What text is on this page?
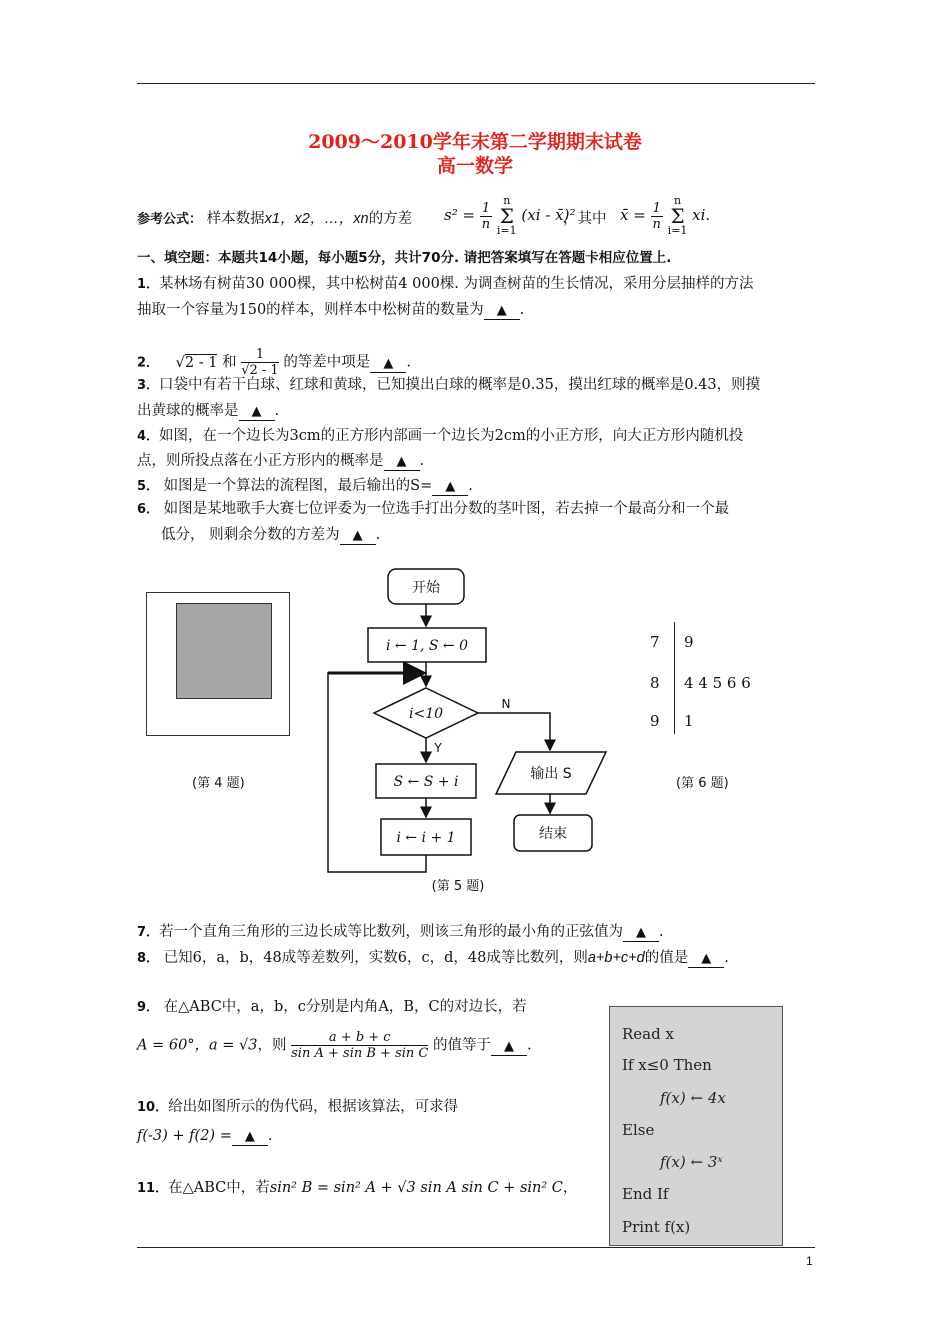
2009～2010学年末第二学期期末试卷
高一数学
参考公式： 样本数据x1，x2，…，xn的方差 $s^2 = \frac{1}{n}$ n
Σ
i=1 (xi - x̄)²
，其中 x̄ = $\frac{1}{n}$ n
Σ
i=1 xi.
一、填空题：本题共14小题，每小题5分，共计70分. 请把答案填写在答题卡相应位置上.
1．某林场有树苗30 000棵，其中松树苗4 000棵. 为调查树苗的生长情况，采用分层抽样的方法
抽取一个容量为150的样本，则样本中松树苗的数量为 ▲ .
2． √2 - 1 和 $\frac{1}{√2 - 1}$ 的等差中项是 ▲ .
3．口袋中有若干白球、红球和黄球，已知摸出白球的概率是0.35，摸出红球的概率是0.43，则摸
出黄球的概率是 ▲ .
4．如图，在一个边长为3cm的正方形内部画一个边长为2cm的小正方形，向大正方形内随机投
点，则所投点落在小正方形内的概率是 ▲ .
5． 如图是一个算法的流程图，最后输出的S= ▲ .
6． 如图是某地歌手大赛七位评委为一位选手打出分数的茎叶图，若去掉一个最高分和一个最
低分， 则剩余分数的方差为 ▲ .
(第 4 题)
开始
i ← 1, S ← 0
i<10
Y
N
S ← S + i
i ← i + 1
输出 S
结束
(第 5 题)
7 9
8 4 4 5 6 6
9 1
(第 6 题)
7．若一个直角三角形的三边长成等比数列，则该三角形的最小角的正弦值为 ▲ .
8． 已知6，a，b，48成等差数列，实数6，c，d，48成等比数列，则a+b+c+d的值是 ▲ .
9． 在△ABC中，a，b，c分别是内角A，B，C的对边长，若
A = 60°，a = √3，则 $\frac{a + b + c}{\text{sin A + sin B + sin C}}$ 的值等于 ▲ .
10．给出如图所示的伪代码，根据该算法，可求得
f(-3) + f(2) = ▲ .
11．在△ABC中，若sin² B = sin² A + √3 sin A sin C + sin² C，
Read x
If x≤0 Then
f(x) ← 4x
Else
f(x) ← 3ˣ
End If
Print f(x)
1
